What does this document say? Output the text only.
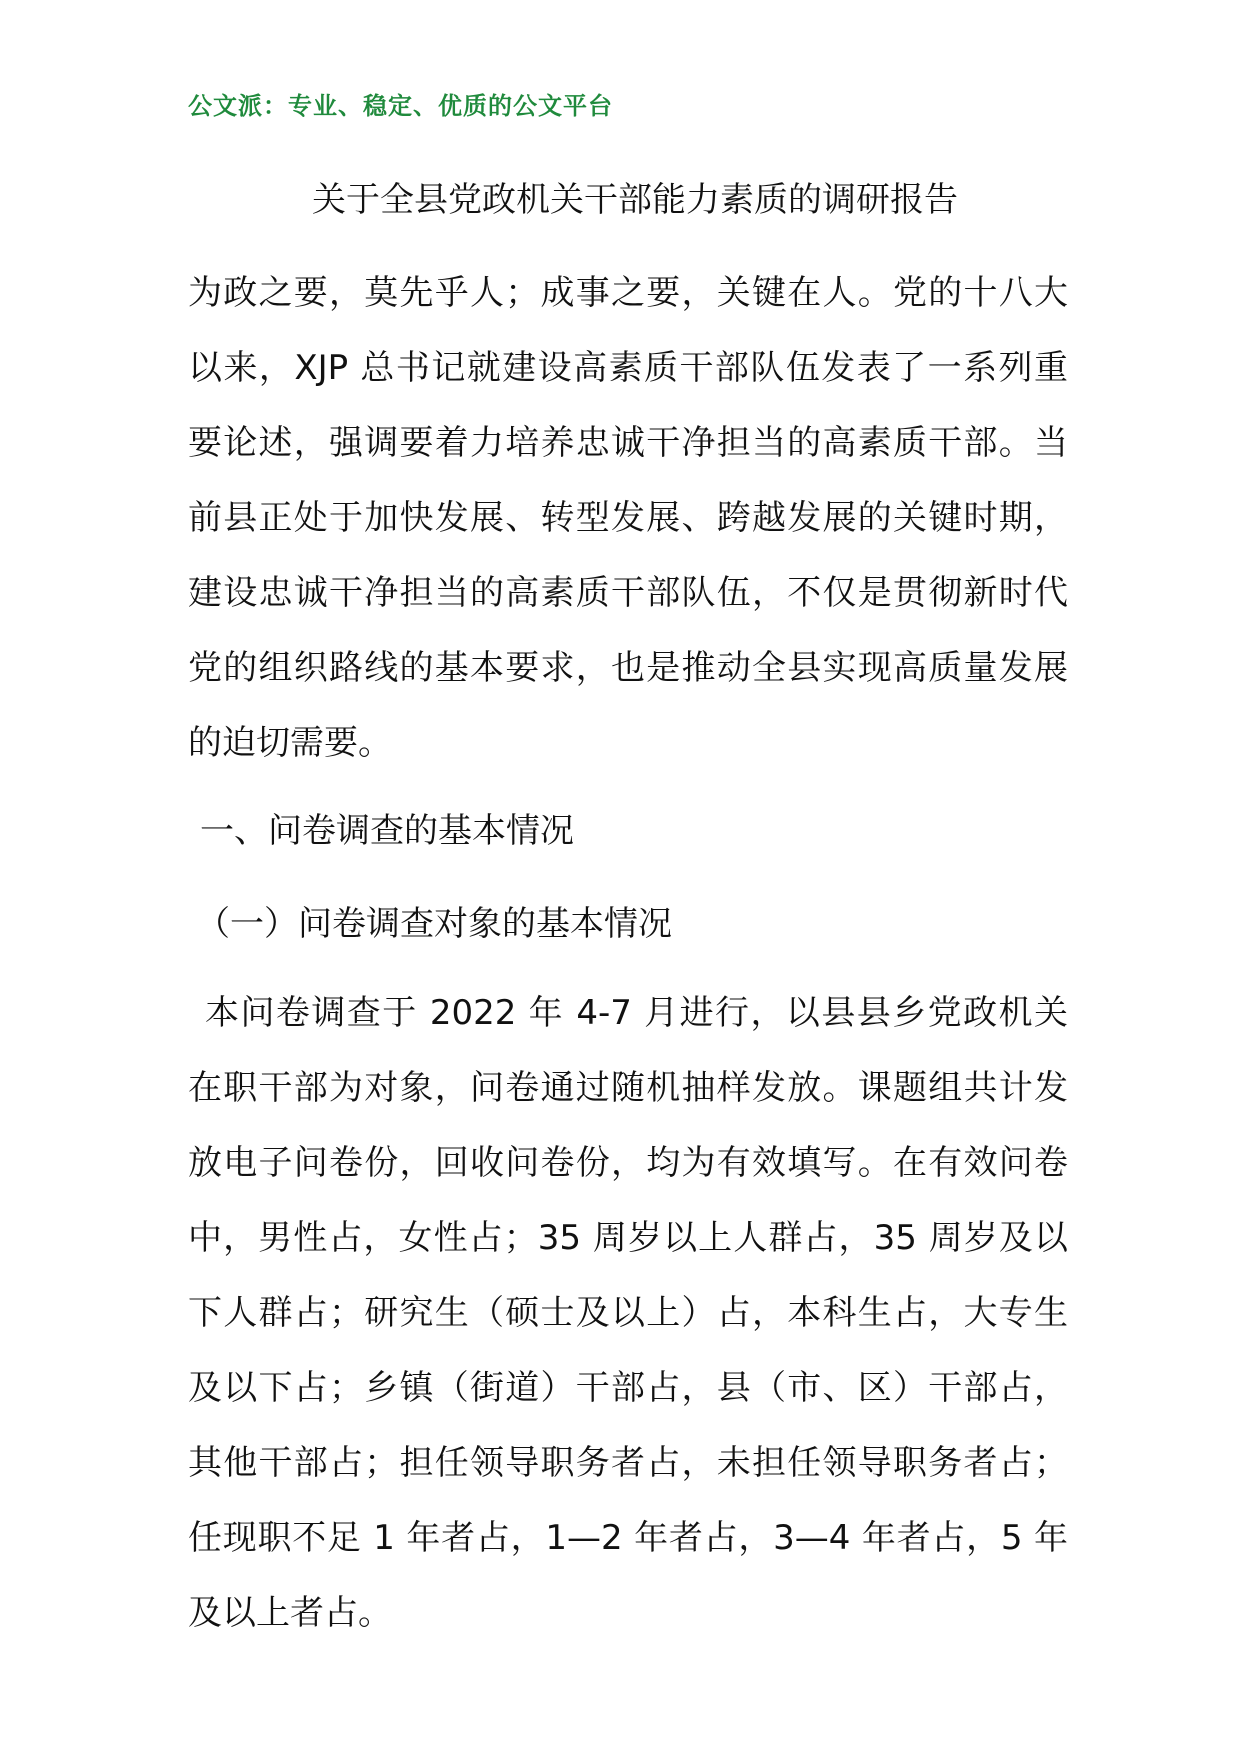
公文派：专业、稳定、优质的公文平台
关于全县党政机关干部能力素质的调研报告
为政之要，莫先乎人；成事之要，关键在人。党的十八大以来，XJP 总书记就建设高素质干部队伍发表了一系列重要论述，强调要着力培养忠诚干净担当的高素质干部。当前县正处于加快发展、转型发展、跨越发展的关键时期，建设忠诚干净担当的高素质干部队伍，不仅是贯彻新时代党的组织路线的基本要求，也是推动全县实现高质量发展的迫切需要。
一、问卷调查的基本情况
（一）问卷调查对象的基本情况
本问卷调查于 2022 年 4-7 月进行，以县县乡党政机关在职干部为对象，问卷通过随机抽样发放。课题组共计发放电子问卷份，回收问卷份，均为有效填写。在有效问卷中，男性占，女性占；35 周岁以上人群占，35 周岁及以下人群占；研究生（硕士及以上）占，本科生占，大专生及以下占；乡镇（街道）干部占，县（市、区）干部占，其他干部占；担任领导职务者占，未担任领导职务者占；任现职不足 1 年者占，1—2 年者占，3—4 年者占，5 年及以上者占。
